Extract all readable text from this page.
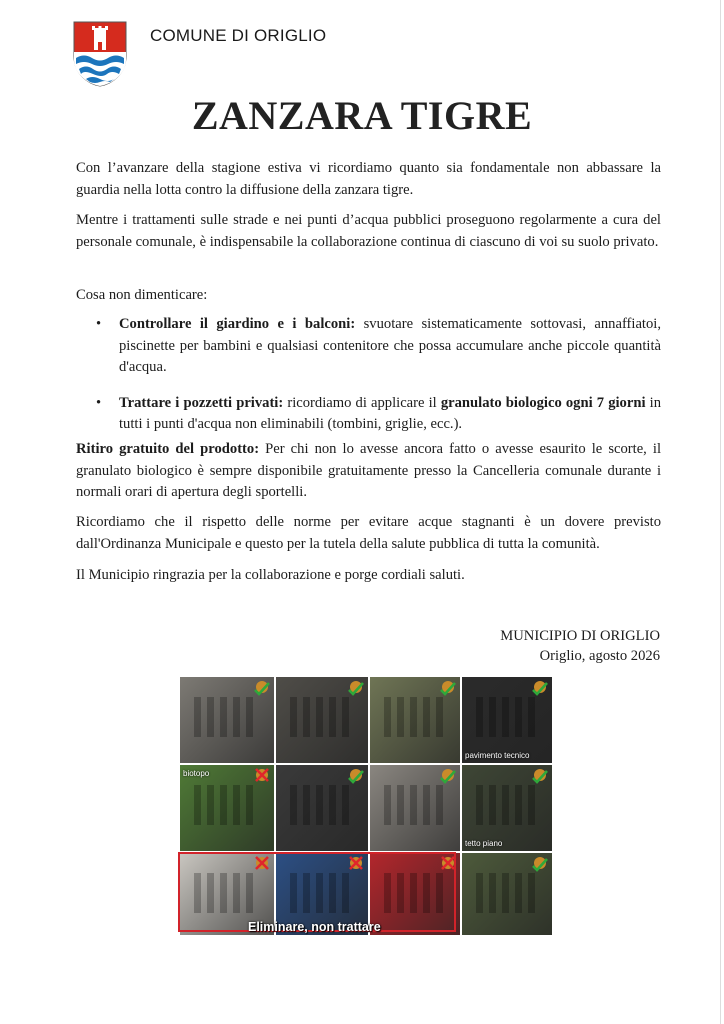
COMUNE DI ORIGLIO
ZANZARA TIGRE

Con l’avanzare della stagione estiva vi ricordiamo quanto sia fondamentale non abbassare la guardia nella lotta contro la diffusione della zanzara tigre.

Mentre i trattamenti sulle strade e nei punti d’acqua pubblici proseguono regolarmente a cura del personale comunale, è indispensabile la collaborazione continua di ciascuno di voi su suolo privato.

Cosa non dimenticare:

• Controllare il giardino e i balconi: svuotare sistematicamente sottovasi, annaffiatoi, piscinette per bambini e qualsiasi contenitore che possa accumulare anche piccole quantità d'acqua.
• Trattare i pozzetti privati: ricordiamo di applicare il granulato biologico ogni 7 giorni in tutti i punti d'acqua non eliminabili (tombini, griglie, ecc.).

Ritiro gratuito del prodotto: Per chi non lo avesse ancora fatto o avesse esaurito le scorte, il granulato biologico è sempre disponibile gratuitamente presso la Cancelleria comunale durante i normali orari di apertura degli sportelli.

Ricordiamo che il rispetto delle norme per evitare acque stagnanti è un dovere previsto dall'Ordinanza Municipale e questo per la tutela della salute pubblica di tutta la comunità.

Il Municipio ringrazia per la collaborazione e porge cordiali saluti.

MUNICIPIO DI ORIGLIO
Origlio, agosto 2026
tetto piano
biotopo
pavimento tecnico
Eliminare, non trattare
